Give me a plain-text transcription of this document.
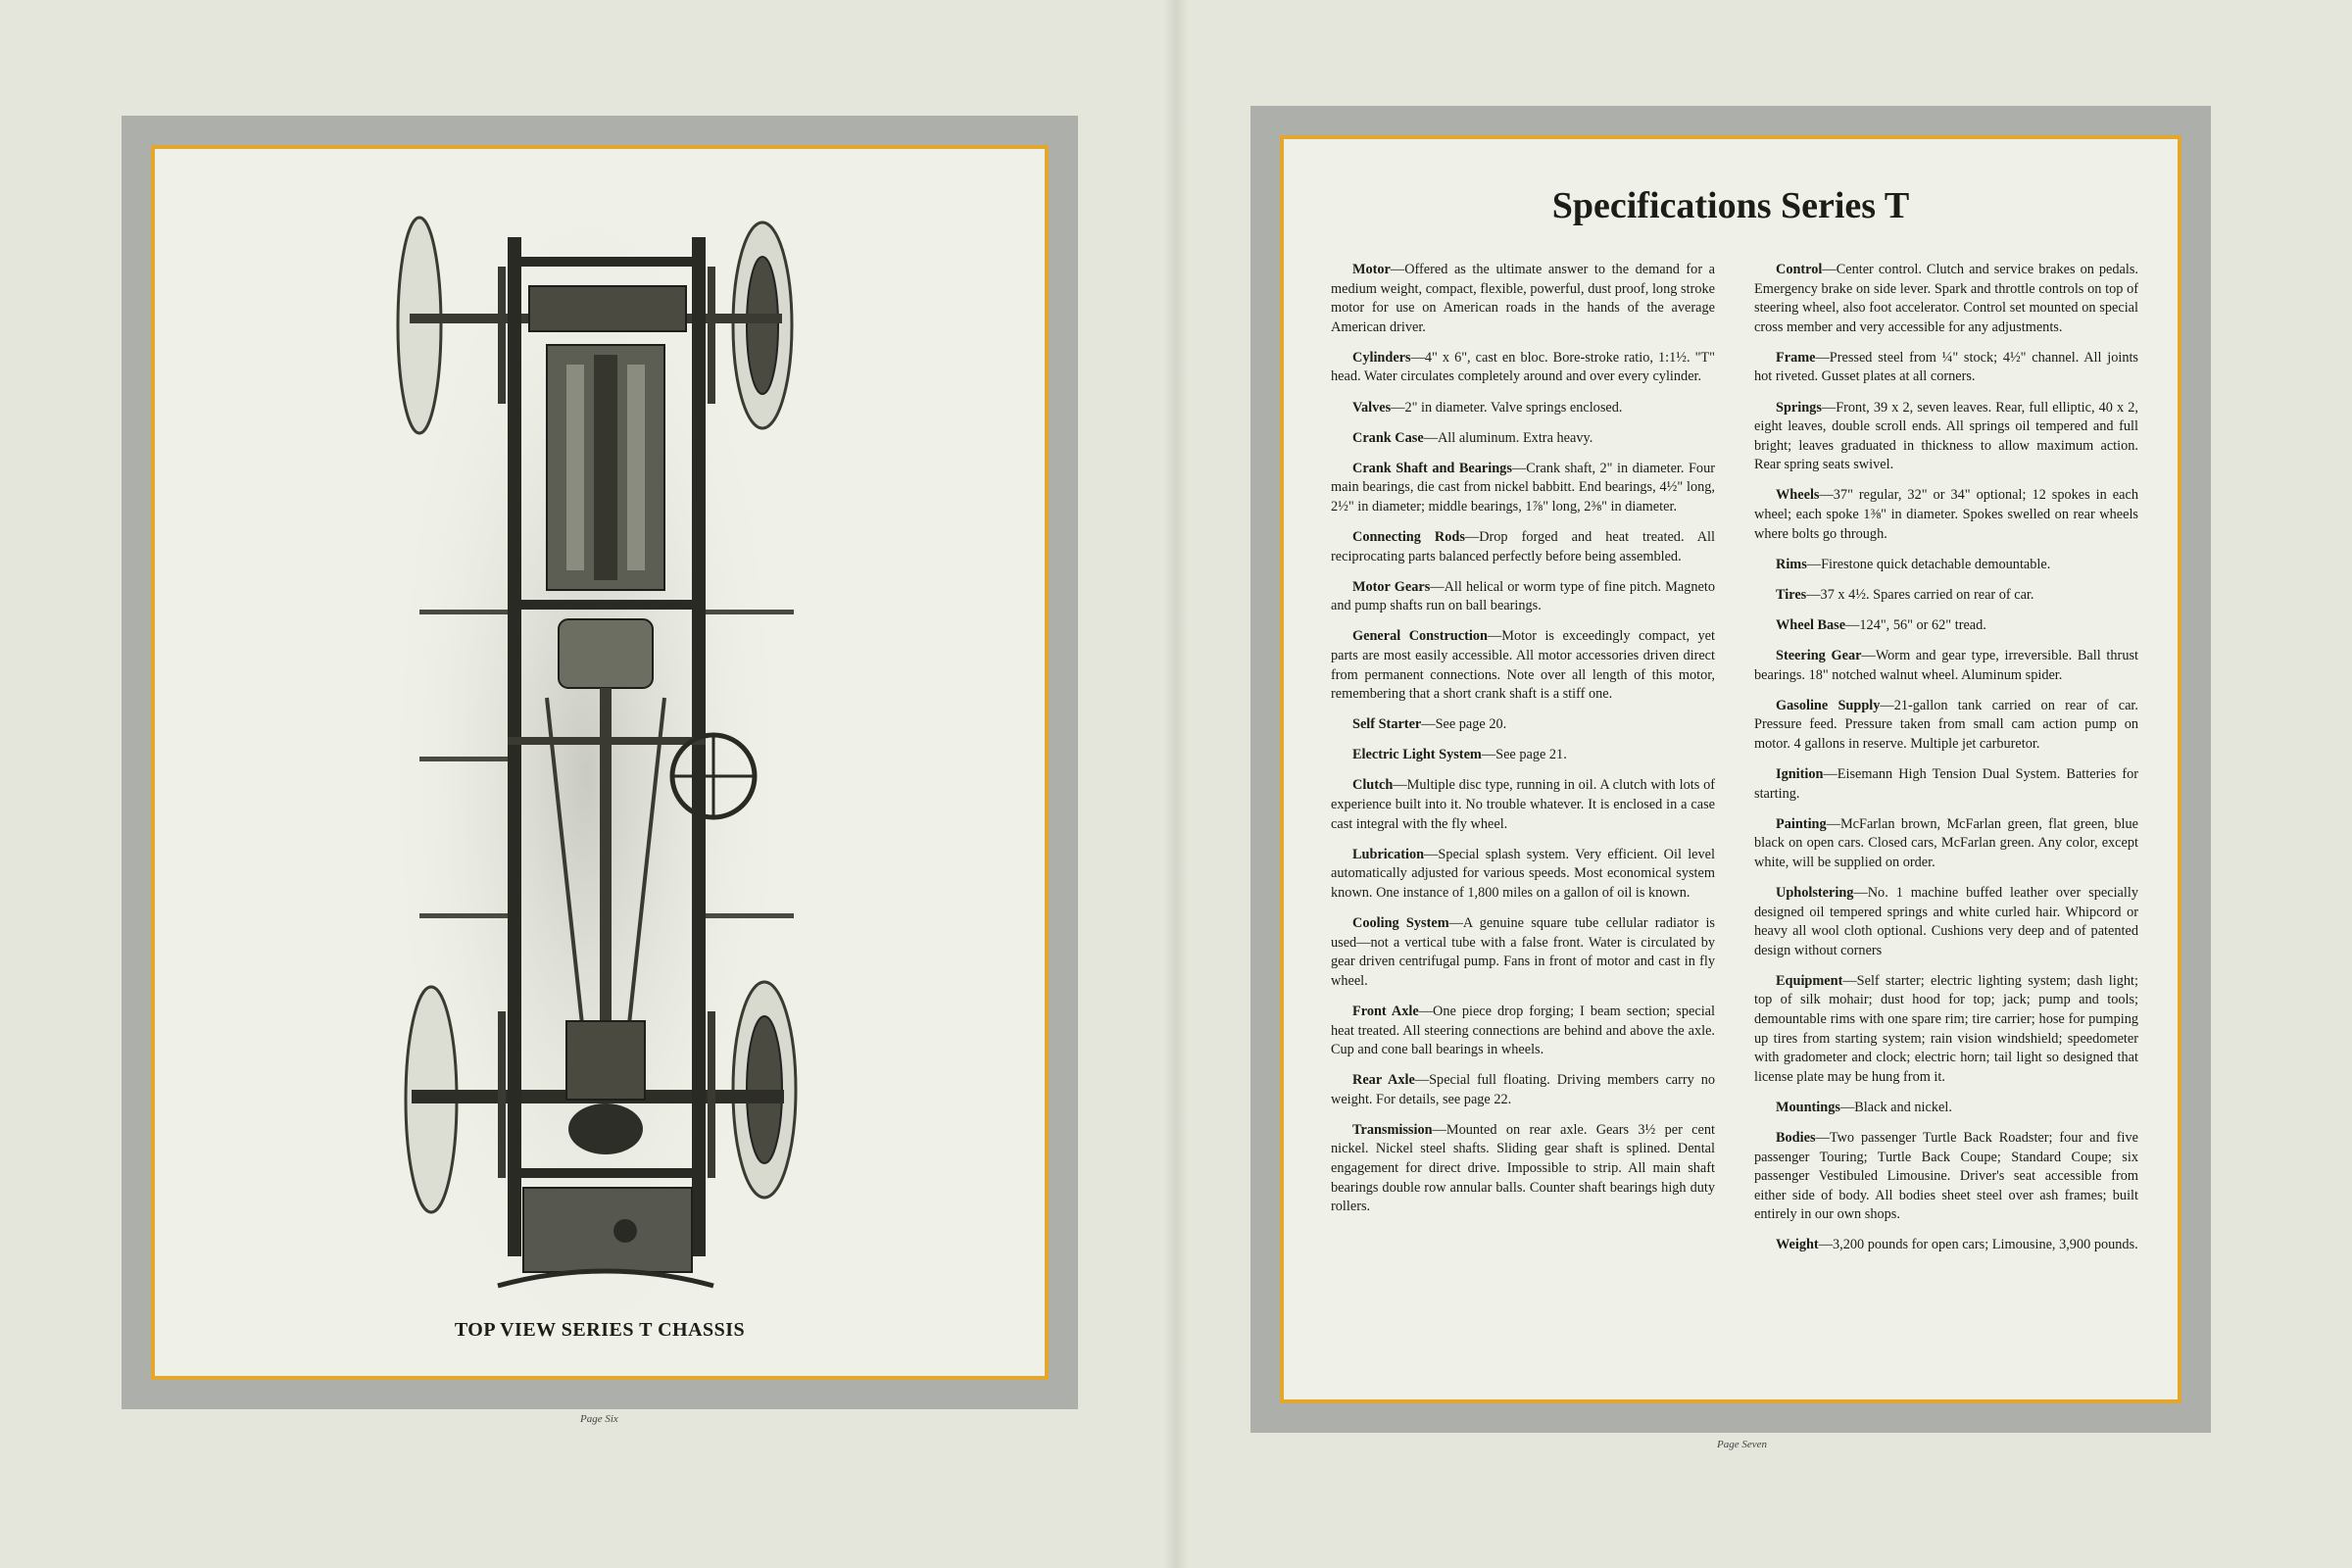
TOP VIEW SERIES T CHASSIS
Page Six
Specifications Series T

Motor—Offered as the ultimate answer to the demand for a medium weight, compact, flexible, powerful, dust proof, long stroke motor for use on American roads in the hands of the average American driver.

Cylinders—4" x 6", cast en bloc. Bore-stroke ratio, 1:1½. "T" head. Water circulates completely around and over every cylinder.

Valves—2" in diameter. Valve springs enclosed.

Crank Case—All aluminum. Extra heavy.

Crank Shaft and Bearings—Crank shaft, 2" in diameter. Four main bearings, die cast from nickel babbitt. End bearings, 4½" long, 2½" in diameter; middle bearings, 1⅞" long, 2⅜" in diameter.

Connecting Rods—Drop forged and heat treated. All reciprocating parts balanced perfectly before being assembled.

Motor Gears—All helical or worm type of fine pitch. Magneto and pump shafts run on ball bearings.

General Construction—Motor is exceedingly compact, yet parts are most easily accessible. All motor accessories driven direct from permanent connections. Note over all length of this motor, remembering that a short crank shaft is a stiff one.

Self Starter—See page 20.

Electric Light System—See page 21.

Clutch—Multiple disc type, running in oil. A clutch with lots of experience built into it. No trouble whatever. It is enclosed in a case cast integral with the fly wheel.

Lubrication—Special splash system. Very efficient. Oil level automatically adjusted for various speeds. Most economical system known. One instance of 1,800 miles on a gallon of oil is known.

Cooling System—A genuine square tube cellular radiator is used—not a vertical tube with a false front. Water is circulated by gear driven centrifugal pump. Fans in front of motor and cast in fly wheel.

Front Axle—One piece drop forging; I beam section; special heat treated. All steering connections are behind and above the axle. Cup and cone ball bearings in wheels.

Rear Axle—Special full floating. Driving members carry no weight. For details, see page 22.

Transmission—Mounted on rear axle. Gears 3½ per cent nickel. Nickel steel shafts. Sliding gear shaft is splined. Dental engagement for direct drive. Impossible to strip. All main shaft bearings double row annular balls. Counter shaft bearings high duty rollers.

Control—Center control. Clutch and service brakes on pedals. Emergency brake on side lever. Spark and throttle controls on top of steering wheel, also foot accelerator. Control set mounted on special cross member and very accessible for any adjustments.

Frame—Pressed steel from ¼" stock; 4½" channel. All joints hot riveted. Gusset plates at all corners.

Springs—Front, 39 x 2, seven leaves. Rear, full elliptic, 40 x 2, eight leaves, double scroll ends. All springs oil tempered and full bright; leaves graduated in thickness to allow maximum action. Rear spring seats swivel.

Wheels—37" regular, 32" or 34" optional; 12 spokes in each wheel; each spoke 1⅜" in diameter. Spokes swelled on rear wheels where bolts go through.

Rims—Firestone quick detachable demountable.

Tires—37 x 4½. Spares carried on rear of car.

Wheel Base—124", 56" or 62" tread.

Steering Gear—Worm and gear type, irreversible. Ball thrust bearings. 18" notched walnut wheel. Aluminum spider.

Gasoline Supply—21-gallon tank carried on rear of car. Pressure feed. Pressure taken from small cam action pump on motor. 4 gallons in reserve. Multiple jet carburetor.

Ignition—Eisemann High Tension Dual System. Batteries for starting.

Painting—McFarlan brown, McFarlan green, flat green, blue black on open cars. Closed cars, McFarlan green. Any color, except white, will be supplied on order.

Upholstering—No. 1 machine buffed leather over specially designed oil tempered springs and white curled hair. Whipcord or heavy all wool cloth optional. Cushions very deep and of patented design without corners

Equipment—Self starter; electric lighting system; dash light; top of silk mohair; dust hood for top; jack; pump and tools; demountable rims with one spare rim; tire carrier; hose for pumping up tires from starting system; rain vision windshield; speedometer with gradometer and clock; electric horn; tail light so designed that license plate may be hung from it.

Mountings—Black and nickel.

Bodies—Two passenger Turtle Back Roadster; four and five passenger Touring; Turtle Back Coupe; Standard Coupe; six passenger Vestibuled Limousine. Driver's seat accessible from either side of body. All bodies sheet steel over ash frames; built entirely in our own shops.

Weight—3,200 pounds for open cars; Limousine, 3,900 pounds.

Page Seven
